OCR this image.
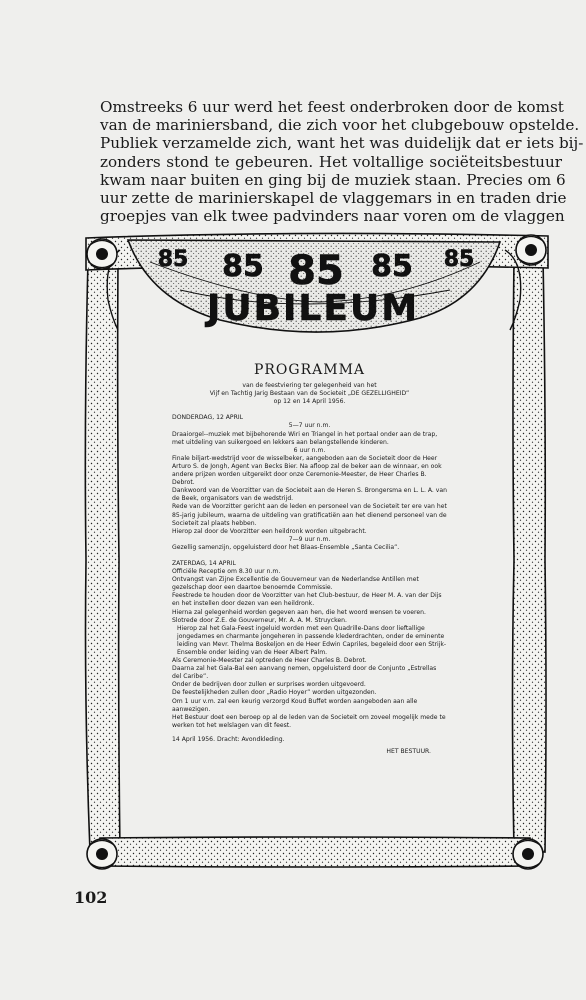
Omstreeks 6 uur werd het feest onderbroken door de komst
van de mariniersband, die zich voor het clubgebouw opstelde.
Publiek verzamelde zich, want het was duidelijk dat er iets bij-
zonders stond te gebeuren. Het voltallige sociëteitsbestuur
kwam naar buiten en ging bij de muziek staan. Precies om 6
uur zette de marinierskapel de vlaggemars in en traden drie
groepjes van elk twee padvinders naar voren om de vlaggen
85 85 85 85 85
JUBILEUM
PROGRAMMA

van de feestviering ter gelegenheid van het

Vijf en Tachtig Jarig Bestaan van de Societeit „DE GEZELLIGHEID”

op 12 en 14 April 1956.

DONDERDAG, 12 APRIL

5—7 uur n.m.

Draaiorgel--muziek met bijbehorende Wiri en Triangel in het portaal onder aan de trap, met uitdeling van suikergoed en lekkers aan belangstellende kinderen.

6 uur n.m.

Finale biljart-wedstrijd voor de wisselbeker, aangeboden aan de Societeit door de Heer Arturo S. de Jongh, Agent van Becks Bier. Na afloop zal de beker aan de winnaar, en ook andere prijzen worden uitgereikt door onze Ceremonie-Meester, de Heer Charles B. Debrot.

Dankwoord van de Voorzitter van de Societeit aan de Heren S. Brongersma en L. L. A. van de Beek, organisators van de wedstrijd.

Rede van de Voorzitter gericht aan de leden en personeel van de Societeit ter ere van het 85-jarig jubileum, waarna de uitdeling van gratificatiën aan het dienend personeel van de Societeit zal plaats hebben.

Hierop zal door de Voorzitter een heildronk worden uitgebracht.

7—9 uur n.m.

Gezellig samenzijn, opgeluisterd door het Blaas-Ensemble „Santa Cecilia”.

ZATERDAG, 14 APRIL

Officiële Receptie om 8.30 uur n.m.

Ontvangst van Zijne Excellentie de Gouverneur van de Nederlandse Antillen met gezelschap door een daartoe benoemde Commissie.

Feestrede te houden door de Voorzitter van het Club-bestuur, de Heer M. A. van der Dijs en het instellen door dezen van een heildronk.

Hierna zal gelegenheid worden gegeven aan hen, die het woord wensen te voeren.

Slotrede door Z.E. de Gouverneur, Mr. A. A. M. Struycken.

Hierop zal het Gala-Feest ingeluid worden met een Quadrille-Dans door lieftallige jongedames en charmante jongeheren in passende klederdrachten, onder de eminente leiding van Mevr. Thelma Boskeljon en de Heer Edwin Capriles, begeleid door een Strijk-Ensemble onder leiding van de Heer Albert Palm.

Als Ceremonie-Meester zal optreden de Heer Charles B. Debrot.

Daarna zal het Gala-Bal een aanvang nemen, opgeluisterd door de Conjunto „Estrellas del Caribe”.

Onder de bedrijven door zullen er surprises worden uitgevoerd.

De feestelijkheden zullen door „Radio Hoyer” worden uitgezonden.

Om 1 uur v.m. zal een keurig verzorgd Koud Buffet worden aangeboden aan alle aanwezigen.

Het Bestuur doet een beroep op al de leden van de Societeit om zoveel mogelijk mede te werken tot het welslagen van dit feest.

14 April 1956. Dracht: Avondkleding.

HET BESTUUR.

102
